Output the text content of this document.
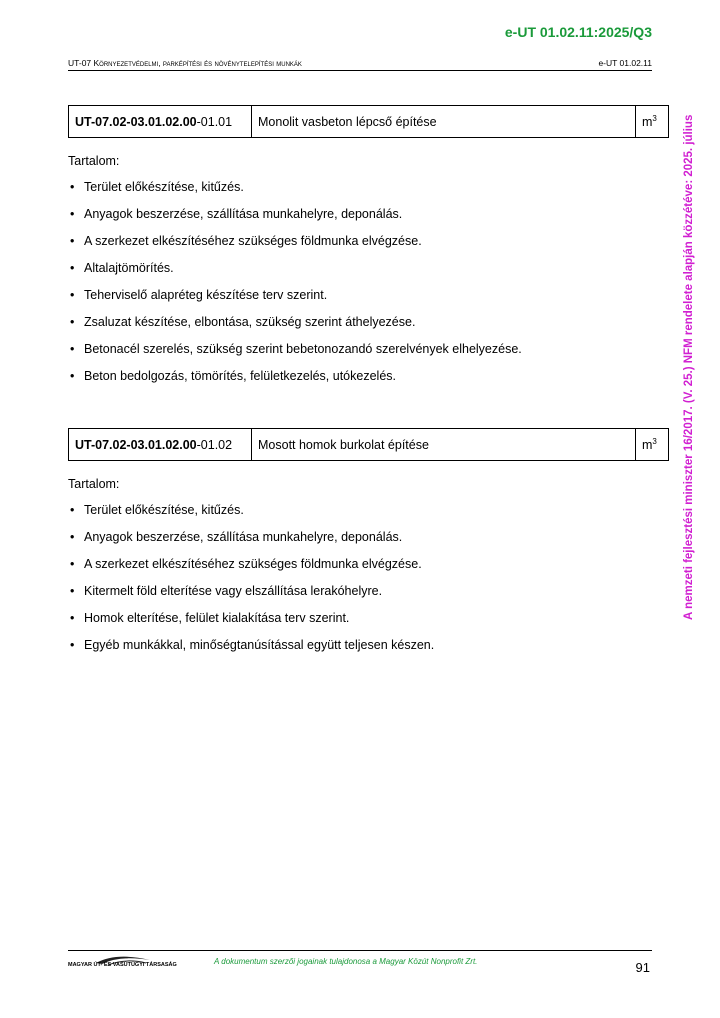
e-UT 01.02.11:2025/Q3
UT-07 Környezetvédelmi, parképítési és növénytelepítési munkák	e-UT 01.02.11
A nemzeti fejlesztési miniszter 16/2017. (V. 25.) NFM rendelete alapján közzétéve: 2025. július
UT-07.02-03.01.02.00-01.01	Monolit vasbeton lépcső építése	$m^3$
Tartalom:
• Terület előkészítése, kitűzés.
• Anyagok beszerzése, szállítása munkahelyre, deponálás.
• A szerkezet elkészítéséhez szükséges földmunka elvégzése.
• Altalajtömörítés.
• Teherviselő alapréteg készítése terv szerint.
• Zsaluzat készítése, elbontása, szükség szerint áthelyezése.
• Betonacél szerelés, szükség szerint bebetonozandó szerelvények elhelyezése.
• Beton bedolgozás, tömörítés, felületkezelés, utókezelés.
UT-07.02-03.01.02.00-01.02	Mosott homok burkolat építése	$m^3$
Tartalom:
• Terület előkészítése, kitűzés.
• Anyagok beszerzése, szállítása munkahelyre, deponálás.
• A szerkezet elkészítéséhez szükséges földmunka elvégzése.
• Kitermelt föld elterítése vagy elszállítása lerakóhelyre.
• Homok elterítése, felület kialakítása terv szerint.
• Egyéb munkákkal, minőségtanúsítással együtt teljesen készen.
MAGYAR ÚT- ÉS VASÚTÜGYI TÁRSASÁG	A dokumentum szerzői jogainak tulajdonosa a Magyar Közút Nonprofit Zrt.	91
